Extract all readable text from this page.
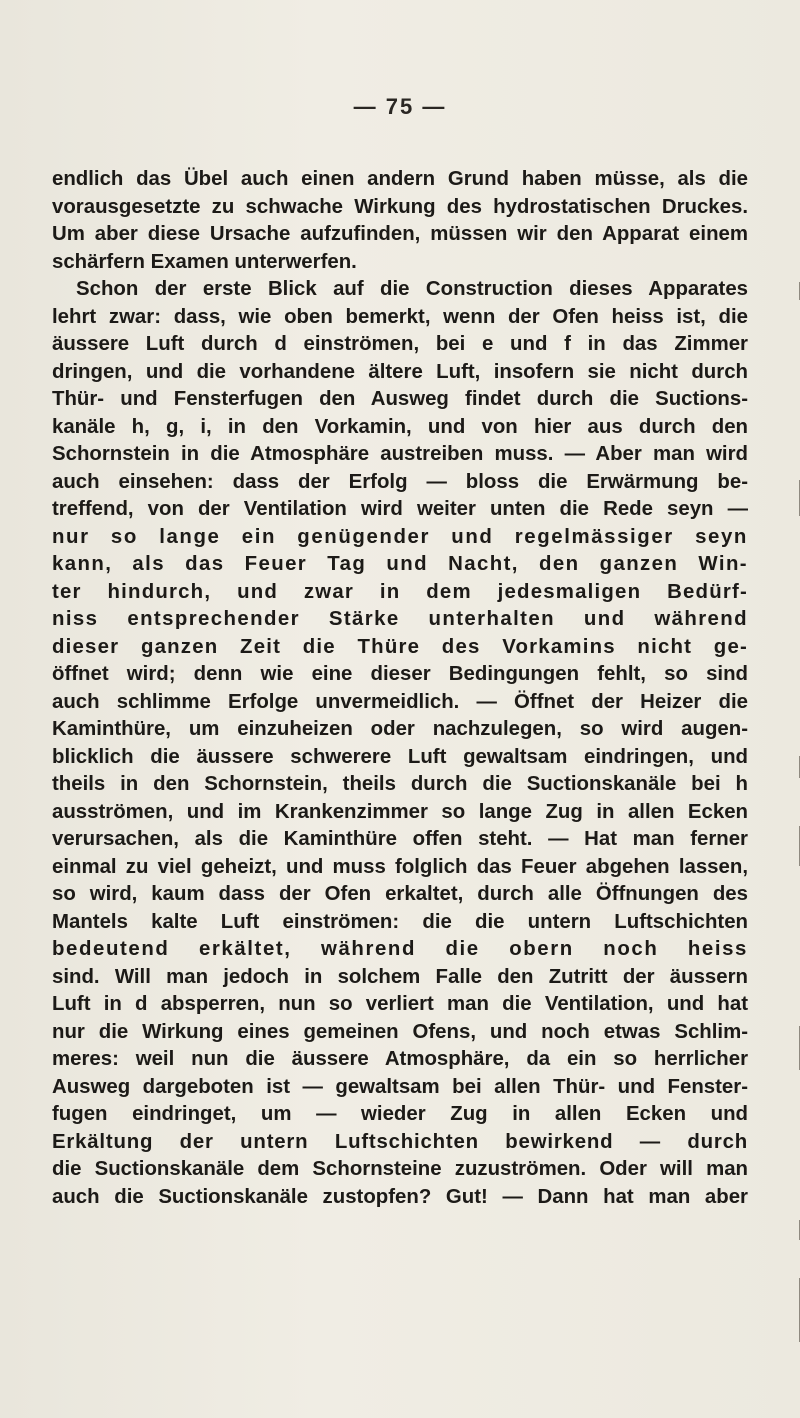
— 75 —
endlich das Übel auch einen andern Grund haben müsse, als die
vorausgesetzte zu schwache Wirkung des hydrostatischen Druckes.
Um aber diese Ursache aufzufinden, müssen wir den Apparat einem
schärfern Examen unterwerfen.
Schon der erste Blick auf die Construction dieses Apparates
lehrt zwar: dass, wie oben bemerkt, wenn der Ofen heiss ist, die
äussere Luft durch d einströmen, bei e und f in das Zimmer
dringen, und die vorhandene ältere Luft, insofern sie nicht durch
Thür- und Fensterfugen den Ausweg findet durch die Suctions-
kanäle h, g, i, in den Vorkamin, und von hier aus durch den
Schornstein in die Atmosphäre austreiben muss. — Aber man wird
auch einsehen: dass der Erfolg — bloss die Erwärmung be-
treffend, von der Ventilation wird weiter unten die Rede seyn —
nur so lange ein genügender und regelmässiger seyn
kann, als das Feuer Tag und Nacht, den ganzen Win-
ter hindurch, und zwar in dem jedesmaligen Bedürf-
niss entsprechender Stärke unterhalten und während
dieser ganzen Zeit die Thüre des Vorkamins nicht ge-
öffnet wird; denn wie eine dieser Bedingungen fehlt, so sind
auch schlimme Erfolge unvermeidlich. — Öffnet der Heizer die
Kaminthüre, um einzuheizen oder nachzulegen, so wird augen-
blicklich die äussere schwerere Luft gewaltsam eindringen, und
theils in den Schornstein, theils durch die Suctionskanäle bei h
ausströmen, und im Krankenzimmer so lange Zug in allen Ecken
verursachen, als die Kaminthüre offen steht. — Hat man ferner
einmal zu viel geheizt, und muss folglich das Feuer abgehen lassen,
so wird, kaum dass der Ofen erkaltet, durch alle Öffnungen des
Mantels kalte Luft einströmen: die die untern Luftschichten
bedeutend erkältet, während die obern noch heiss
sind. Will man jedoch in solchem Falle den Zutritt der äussern
Luft in d absperren, nun so verliert man die Ventilation, und hat
nur die Wirkung eines gemeinen Ofens, und noch etwas Schlim-
meres: weil nun die äussere Atmosphäre, da ein so herrlicher
Ausweg dargeboten ist — gewaltsam bei allen Thür- und Fenster-
fugen eindringet, um — wieder Zug in allen Ecken und
Erkältung der untern Luftschichten bewirkend — durch
die Suctionskanäle dem Schornsteine zuzuströmen. Oder will man
auch die Suctionskanäle zustopfen? Gut! — Dann hat man aber
